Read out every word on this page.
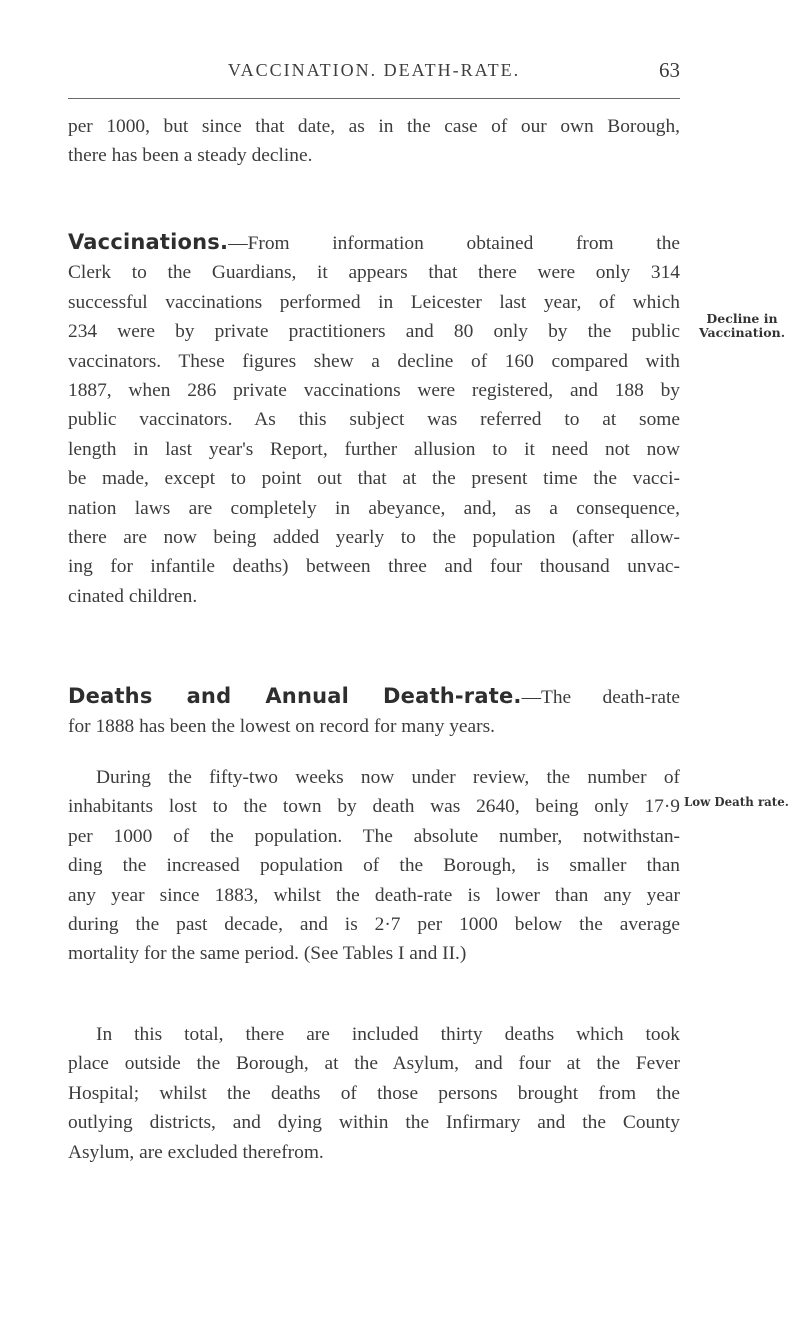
VACCINATION. DEATH-RATE.	63
per 1000, but since that date, as in the case of our own Borough,
there has been a steady decline.
Vaccinations.—From information obtained from the
Clerk to the Guardians, it appears that there were only 314
successful vaccinations performed in Leicester last year, of which
234 were by private practitioners and 80 only by the public
vaccinators. These figures shew a decline of 160 compared with
1887, when 286 private vaccinations were registered, and 188 by
public vaccinators. As this subject was referred to at some
length in last year's Report, further allusion to it need not now
be made, except to point out that at the present time the vacci-
nation laws are completely in abeyance, and, as a consequence,
there are now being added yearly to the population (after allow-
ing for infantile deaths) between three and four thousand unvac-
cinated children.
Deaths and Annual Death-rate.—The death-rate
for 1888 has been the lowest on record for many years.
During the fifty-two weeks now under review, the number of
inhabitants lost to the town by death was 2640, being only 17·9
per 1000 of the population. The absolute number, notwithstan-
ding the increased population of the Borough, is smaller than
any year since 1883, whilst the death-rate is lower than any year
during the past decade, and is 2·7 per 1000 below the average
mortality for the same period. (See Tables I and II.)
In this total, there are included thirty deaths which took
place outside the Borough, at the Asylum, and four at the Fever
Hospital; whilst the deaths of those persons brought from the
outlying districts, and dying within the Infirmary and the County
Asylum, are excluded therefrom.
Decline in
Vaccination.
Low Death rate.
